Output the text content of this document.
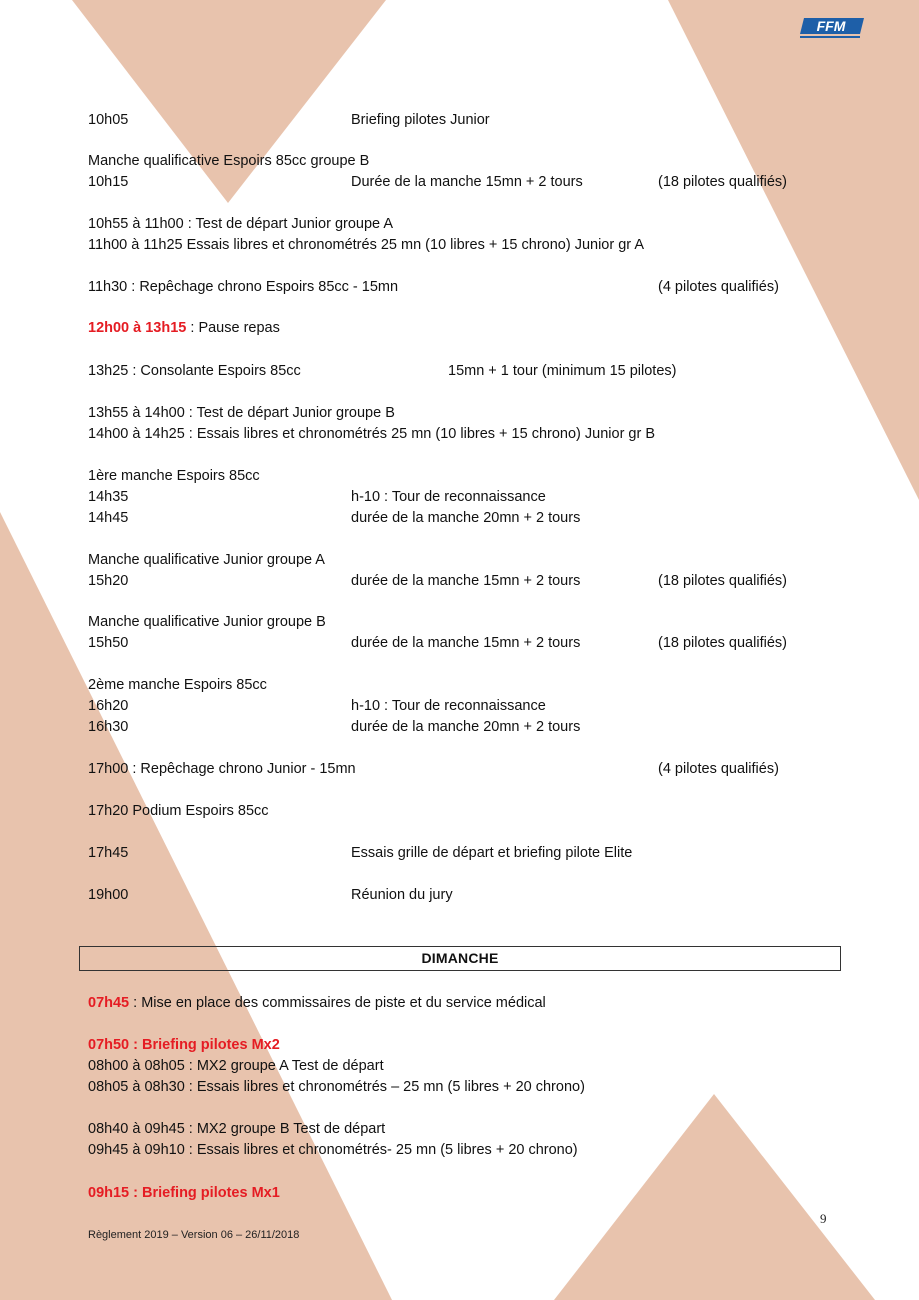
FFM
10h05	Briefing pilotes Junior
Manche qualificative Espoirs 85cc groupe B
10h15	Durée de la manche 15mn + 2 tours	(18 pilotes qualifiés)
10h55 à 11h00 : Test de départ Junior groupe A
11h00 à 11h25 Essais libres et chronométrés 25 mn (10 libres + 15 chrono) Junior gr A
11h30 : Repêchage chrono Espoirs 85cc - 15mn	(4 pilotes qualifiés)
12h00 à 13h15 : Pause repas
13h25 : Consolante Espoirs 85cc	15mn + 1 tour (minimum 15 pilotes)
13h55 à 14h00 : Test de départ Junior groupe B
14h00 à 14h25 : Essais libres et chronométrés 25 mn (10 libres + 15 chrono) Junior gr B
1ère manche Espoirs 85cc
14h35	h-10 : Tour de reconnaissance
14h45	durée de la manche 20mn + 2 tours
Manche qualificative Junior groupe A
15h20	durée de la manche 15mn + 2 tours	(18 pilotes qualifiés)
Manche qualificative Junior groupe B
15h50	durée de la manche 15mn + 2 tours	(18 pilotes qualifiés)
2ème manche Espoirs 85cc
16h20	h-10 : Tour de reconnaissance
16h30	durée de la manche 20mn + 2 tours
17h00 : Repêchage chrono Junior - 15mn	(4 pilotes qualifiés)
17h20 Podium Espoirs 85cc
17h45	Essais grille de départ et briefing pilote Elite
19h00	Réunion du jury
DIMANCHE
07h45 : Mise en place des commissaires de piste et du service médical
07h50 : Briefing pilotes Mx2
08h00 à 08h05 : MX2 groupe A Test de départ
08h05 à 08h30 : Essais libres et chronométrés – 25 mn (5 libres + 20 chrono)
08h40 à 09h45 : MX2 groupe B Test de départ
09h45 à 09h10 : Essais libres et chronométrés- 25 mn (5 libres + 20 chrono)
09h15 : Briefing pilotes Mx1
9
Règlement 2019 – Version 06 – 26/11/2018
